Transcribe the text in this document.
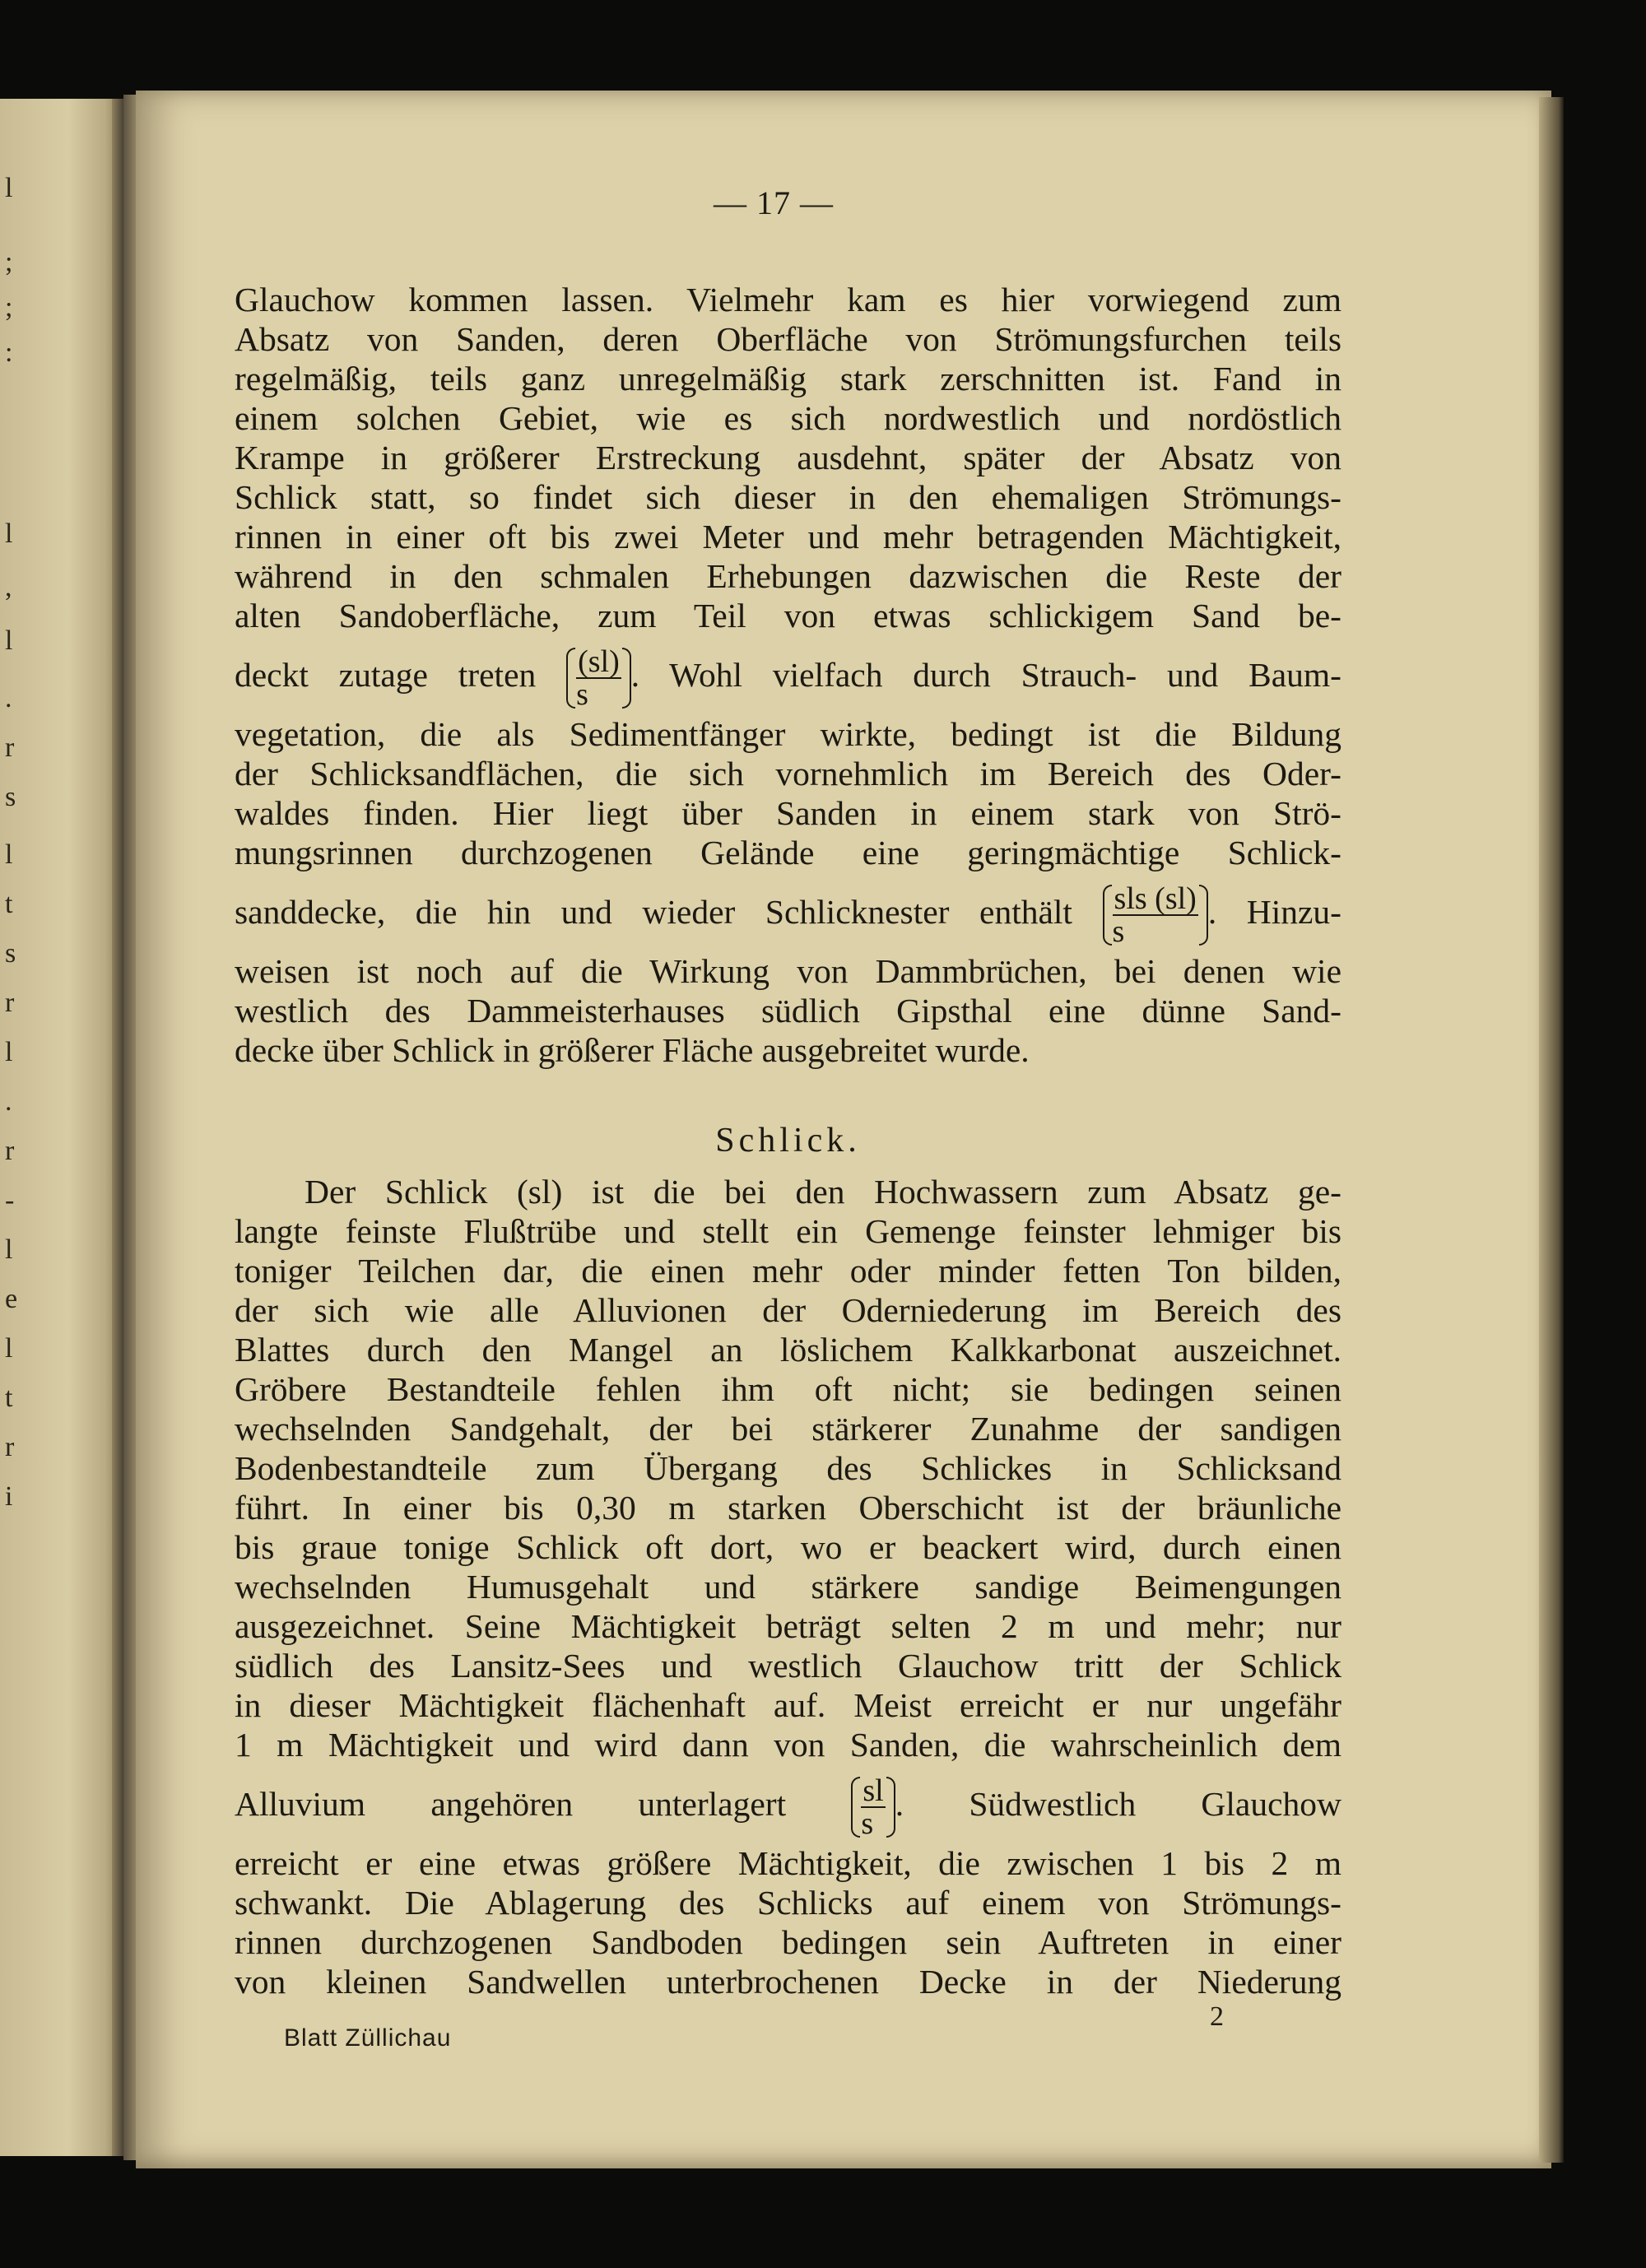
l
;
;
:
l
,
l
.
r
s
l
t
s
r
l
.
r
-
l
e
l
t
r
i
— 17 —
Glauchow kommen lassen. Vielmehr kam es hier vorwiegend zum
Absatz von Sanden, deren Oberfläche von Strömungsfurchen teils
regelmäßig, teils ganz unregelmäßig stark zerschnitten ist. Fand in
einem solchen Gebiet, wie es sich nordwestlich und nordöstlich
Krampe in größerer Erstreckung ausdehnt, später der Absatz von
Schlick statt, so findet sich dieser in den ehemaligen Strömungs-
rinnen in einer oft bis zwei Meter und mehr betragenden Mächtigkeit,
während in den schmalen Erhebungen dazwischen die Reste der
alten Sandoberfläche, zum Teil von etwas schlickigem Sand be-
deckt zutage treten $\frac{(sl)}{s}$ . Wohl vielfach durch Strauch- und Baum-
vegetation, die als Sedimentfänger wirkte, bedingt ist die Bildung
der Schlicksandflächen, die sich vornehmlich im Bereich des Oder-
waldes finden. Hier liegt über Sanden in einem stark von Strö-
mungsrinnen durchzogenen Gelände eine geringmächtige Schlick-
sanddecke, die hin und wieder Schlicknester enthält $\frac{\text{sls (sl)}}{s}$ . Hinzu-
weisen ist noch auf die Wirkung von Dammbrüchen, bei denen wie
westlich des Dammeisterhauses südlich Gipsthal eine dünne Sand-
decke über Schlick in größerer Fläche ausgebreitet wurde.
Schlick.
Der Schlick (sl) ist die bei den Hochwassern zum Absatz ge-
langte feinste Flußtrübe und stellt ein Gemenge feinster lehmiger bis
toniger Teilchen dar, die einen mehr oder minder fetten Ton bilden,
der sich wie alle Alluvionen der Oderniederung im Bereich des
Blattes durch den Mangel an löslichem Kalkkarbonat auszeichnet.
Gröbere Bestandteile fehlen ihm oft nicht; sie bedingen seinen
wechselnden Sandgehalt, der bei stärkerer Zunahme der sandigen
Bodenbestandteile zum Übergang des Schlickes in Schlicksand
führt. In einer bis 0,30 m starken Oberschicht ist der bräunliche
bis graue tonige Schlick oft dort, wo er beackert wird, durch einen
wechselnden Humusgehalt und stärkere sandige Beimengungen
ausgezeichnet. Seine Mächtigkeit beträgt selten 2 m und mehr; nur
südlich des Lansitz-Sees und westlich Glauchow tritt der Schlick
in dieser Mächtigkeit flächenhaft auf. Meist erreicht er nur ungefähr
1 m Mächtigkeit und wird dann von Sanden, die wahrscheinlich dem
Alluvium angehören unterlagert $\frac{sl}{s}$ . Südwestlich Glauchow
erreicht er eine etwas größere Mächtigkeit, die zwischen 1 bis 2 m
schwankt. Die Ablagerung des Schlicks auf einem von Strömungs-
rinnen durchzogenen Sandboden bedingen sein Auftreten in einer
von kleinen Sandwellen unterbrochenen Decke in der Niederung
Blatt Züllichau
2
